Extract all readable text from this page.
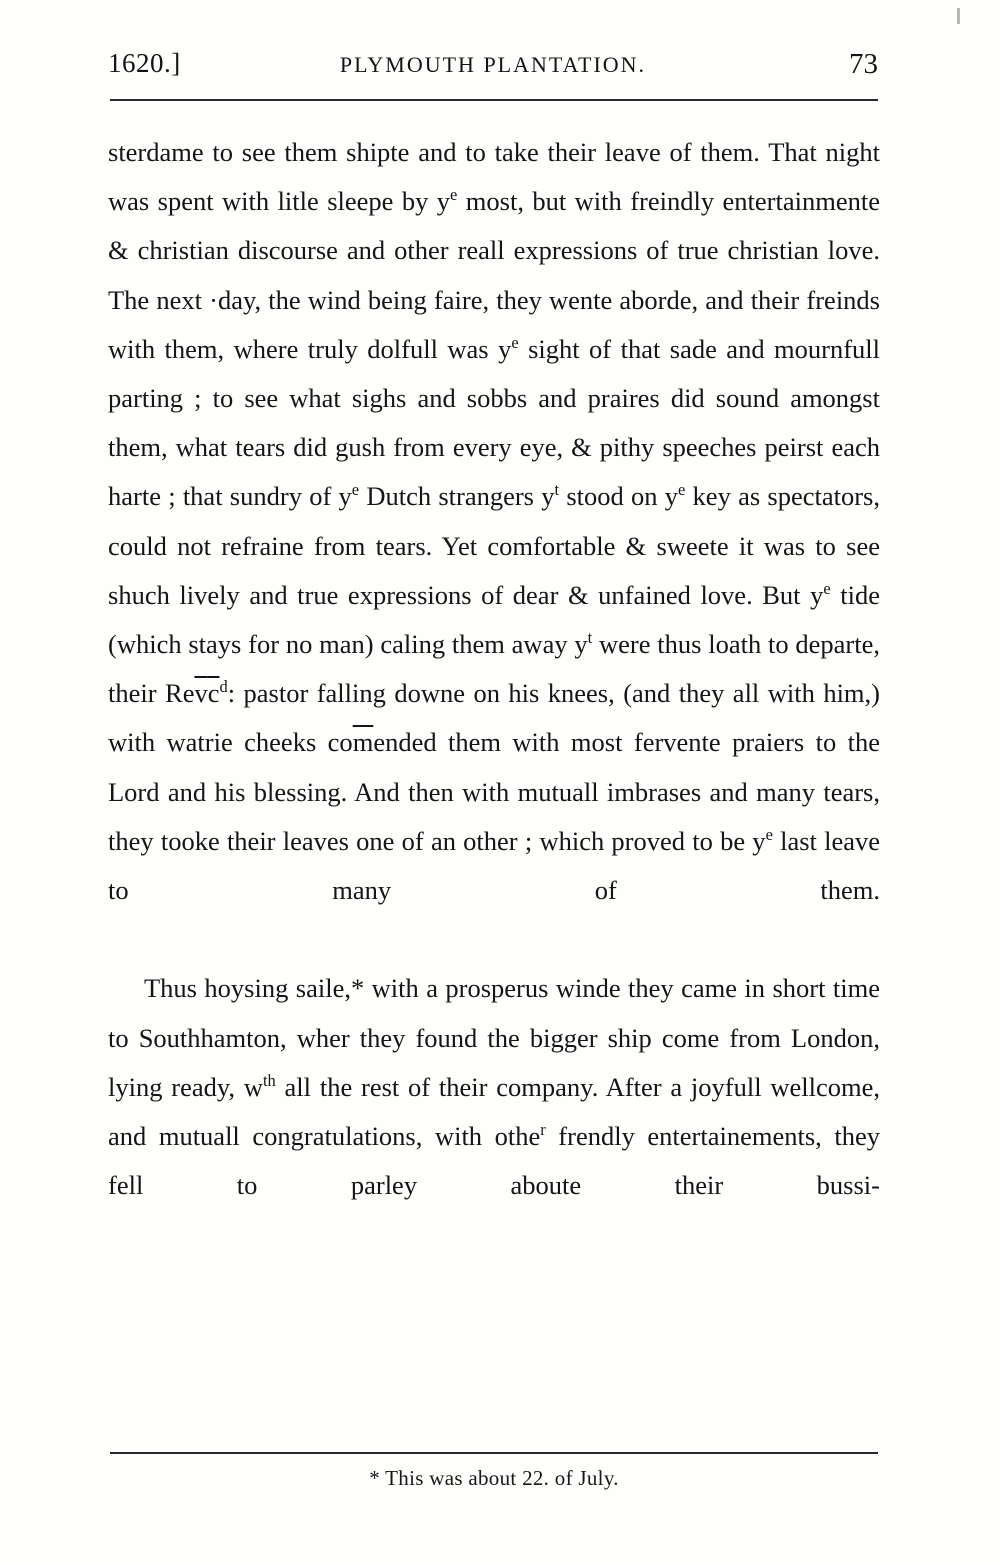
1620.]	PLYMOUTH PLANTATION.	73

sterdame to see them shipte and to take their leave of them. That night was spent with litle sleepe by $y^e$ most, but with freindly entertainmente & christian discourse and other reall expressions of true christian love. The next ·day, the wind being faire, they wente aborde, and their freinds with them, where truly dolfull was $y^e$ sight of that sade and mournfull parting ; to see what sighs and sobbs and praires did sound amongst them, what tears did gush from every eye, & pithy speeches peirst each harte ; that sundry of $y^e$ Dutch strangers $y^t$ stood on $y^e$ key as spectators, could not refraine from tears. Yet comfortable & sweete it was to see shuch lively and true expressions of dear & unfained love. But $y^e$ tide (which stays for no man) caling them away $y^t$ were thus loath to departe, their $Re\overline{v}\overline{c}^d$: pastor falling downe on his knees, (and they all with him,) with watrie cheeks $co\overline{m}ended$ them with most fervente praiers to the Lord and his blessing. And then with mutuall imbrases and many tears, they tooke their leaves one of an other ; which proved to be $y^e$ last leave to many of them.

Thus hoysing saile,* with a prosperus winde they came in short time to Southhamton, wher they found the bigger ship come from London, lying ready, $w^{th}$ all the rest of their company. After a joyfull wellcome, and mutuall congratulations, with othe$^r$ frendly entertainements, they fell to parley aboute their bussi-

* This was about 22. of July.
